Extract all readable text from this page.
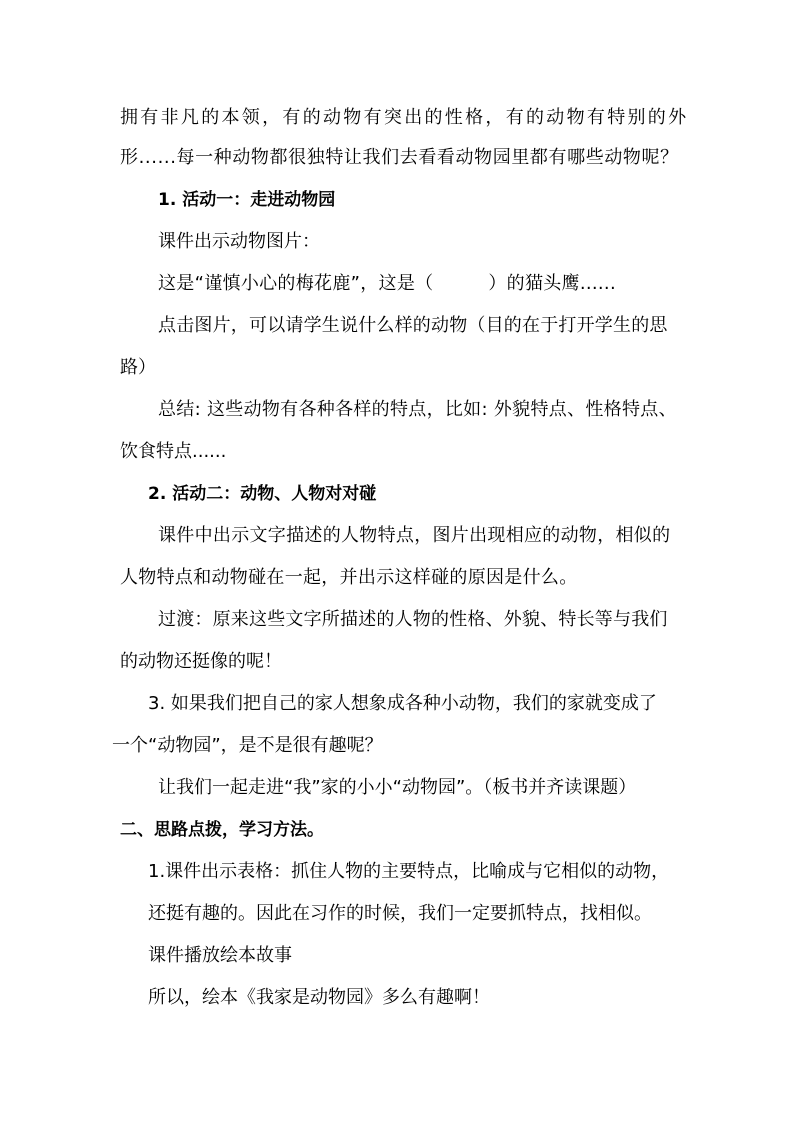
拥有非凡的本领，有的动物有突出的性格，有的动物有特别的外
形......每一种动物都很独特让我们去看看动物园里都有哪些动物呢？
1. 活动一：走进动物园
课件出示动物图片：
这是“谨慎小心的梅花鹿”，这是（　　　）的猫头鹰......
点击图片，可以请学生说什么样的动物（目的在于打开学生的思
路）
总结: 这些动物有各种各样的特点，比如: 外貌特点、性格特点、
饮食特点......
2. 活动二：动物、人物对对碰
课件中出示文字描述的人物特点，图片出现相应的动物，相似的
人物特点和动物碰在一起，并出示这样碰的原因是什么。
过渡：原来这些文字所描述的人物的性格、外貌、特长等与我们
的动物还挺像的呢！
3. 如果我们把自己的家人想象成各种小动物，我们的家就变成了
一个“动物园”，是不是很有趣呢？
让我们一起走进“我”家的小小“动物园”。（板书并齐读课题）
二、思路点拨，学习方法。
1.课件出示表格：抓住人物的主要特点，比喻成与它相似的动物，
还挺有趣的。因此在习作的时候，我们一定要抓特点，找相似。
课件播放绘本故事
所以，绘本《我家是动物园》多么有趣啊！
